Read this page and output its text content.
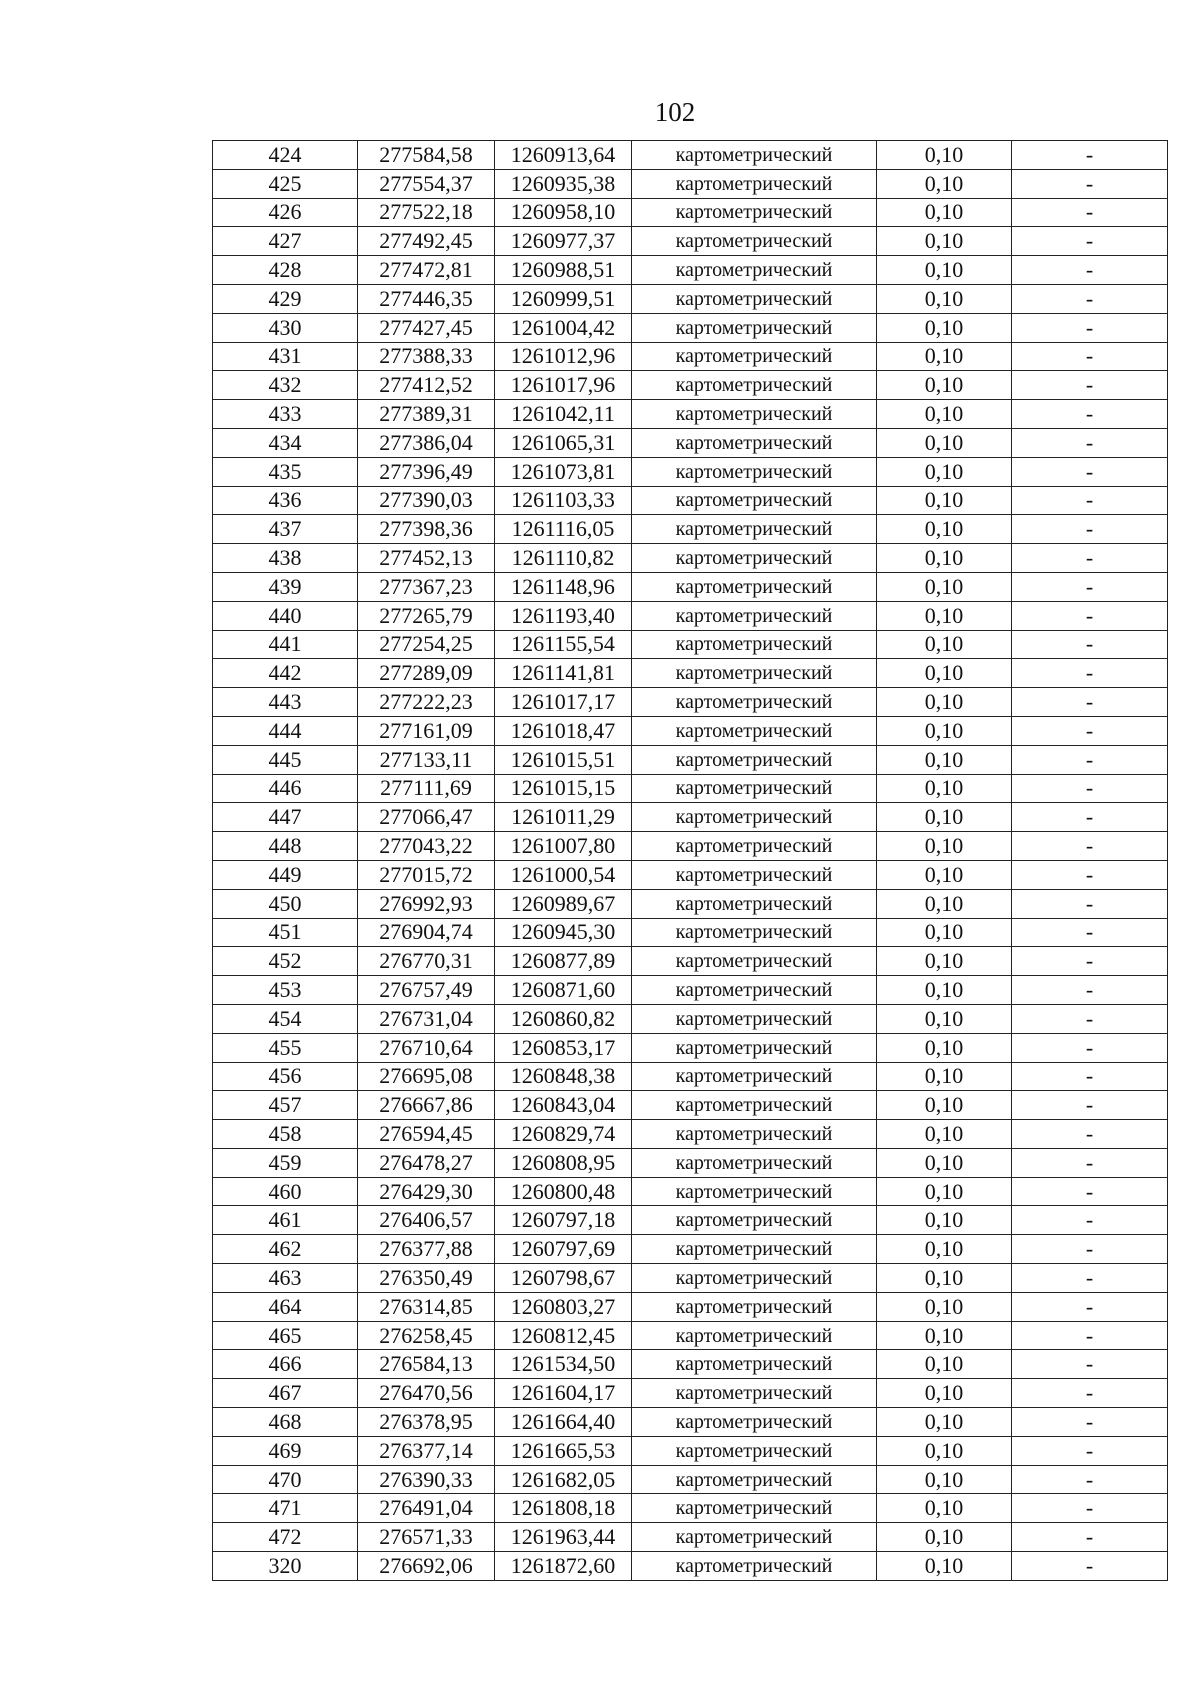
102
424	277584,58	1260913,64	картометрический	0,10	-
425	277554,37	1260935,38	картометрический	0,10	-
426	277522,18	1260958,10	картометрический	0,10	-
427	277492,45	1260977,37	картометрический	0,10	-
428	277472,81	1260988,51	картометрический	0,10	-
429	277446,35	1260999,51	картометрический	0,10	-
430	277427,45	1261004,42	картометрический	0,10	-
431	277388,33	1261012,96	картометрический	0,10	-
432	277412,52	1261017,96	картометрический	0,10	-
433	277389,31	1261042,11	картометрический	0,10	-
434	277386,04	1261065,31	картометрический	0,10	-
435	277396,49	1261073,81	картометрический	0,10	-
436	277390,03	1261103,33	картометрический	0,10	-
437	277398,36	1261116,05	картометрический	0,10	-
438	277452,13	1261110,82	картометрический	0,10	-
439	277367,23	1261148,96	картометрический	0,10	-
440	277265,79	1261193,40	картометрический	0,10	-
441	277254,25	1261155,54	картометрический	0,10	-
442	277289,09	1261141,81	картометрический	0,10	-
443	277222,23	1261017,17	картометрический	0,10	-
444	277161,09	1261018,47	картометрический	0,10	-
445	277133,11	1261015,51	картометрический	0,10	-
446	277111,69	1261015,15	картометрический	0,10	-
447	277066,47	1261011,29	картометрический	0,10	-
448	277043,22	1261007,80	картометрический	0,10	-
449	277015,72	1261000,54	картометрический	0,10	-
450	276992,93	1260989,67	картометрический	0,10	-
451	276904,74	1260945,30	картометрический	0,10	-
452	276770,31	1260877,89	картометрический	0,10	-
453	276757,49	1260871,60	картометрический	0,10	-
454	276731,04	1260860,82	картометрический	0,10	-
455	276710,64	1260853,17	картометрический	0,10	-
456	276695,08	1260848,38	картометрический	0,10	-
457	276667,86	1260843,04	картометрический	0,10	-
458	276594,45	1260829,74	картометрический	0,10	-
459	276478,27	1260808,95	картометрический	0,10	-
460	276429,30	1260800,48	картометрический	0,10	-
461	276406,57	1260797,18	картометрический	0,10	-
462	276377,88	1260797,69	картометрический	0,10	-
463	276350,49	1260798,67	картометрический	0,10	-
464	276314,85	1260803,27	картометрический	0,10	-
465	276258,45	1260812,45	картометрический	0,10	-
466	276584,13	1261534,50	картометрический	0,10	-
467	276470,56	1261604,17	картометрический	0,10	-
468	276378,95	1261664,40	картометрический	0,10	-
469	276377,14	1261665,53	картометрический	0,10	-
470	276390,33	1261682,05	картометрический	0,10	-
471	276491,04	1261808,18	картометрический	0,10	-
472	276571,33	1261963,44	картометрический	0,10	-
320	276692,06	1261872,60	картометрический	0,10	-
